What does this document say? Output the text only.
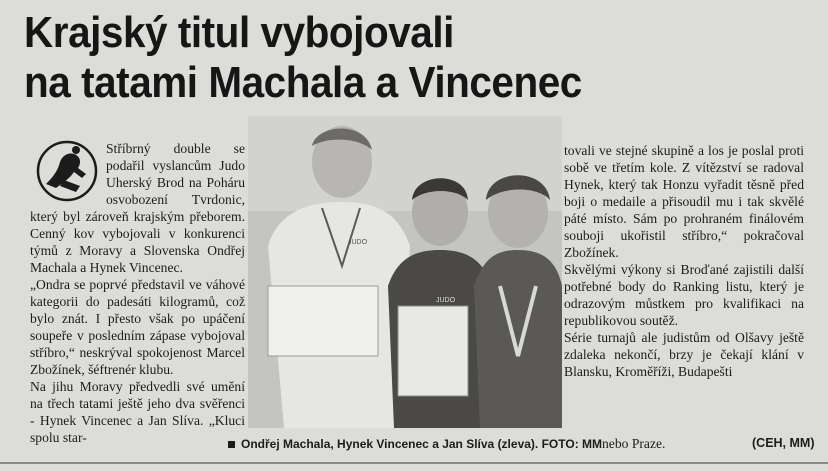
Krajský titul vybojovali
na tatami Machala a Vincenec

Stříbrný double se podařil vyslancům Judo Uherský Brod na Poháru osvobození Tvrdonic, který byl zároveň krajským přeborem. Cenný kov vybojovali v konkurenci týmů z Moravy a Slovenska Ondřej Machala a Hynek Vincenec.

„Ondra se poprvé představil ve váhové kategorii do padesáti kilogramů, což bylo znát. I přesto však po upáčení soupeře v posledním zápase vybojoval stříbro,“ neskrýval spokojenost Marcel Zbožínek, šéftrenér klubu.

Na jihu Moravy předvedli své umění na třech tatami ještě jeho dva svěřenci - Hynek Vincenec a Jan Slíva. „Kluci spolu star-

JUDO
JUDO
Ondřej Machala, Hynek Vincenec a Jan Slíva (zleva). FOTO: MM

tovali ve stejné skupině a los je poslal proti sobě ve třetím kole. Z vítězství se radoval Hynek, který tak Honzu vyřadit těsně před boji o medaile a přisoudil mu i tak skvělé páté místo. Sám po prohraném finálovém souboji ukořistil stříbro,“ pokračoval Zbožínek.

Skvělými výkony si Broďané zajistili další potřebné body do Ranking listu, který je odrazovým můstkem pro kvalifikaci na republikovou soutěž.

Série turnajů ale judistům od Olšavy ještě zdaleka nekončí, brzy je čekají klání v Blansku, Kroměříži, Budapešti

nebo Praze.	(CEH, MM)
